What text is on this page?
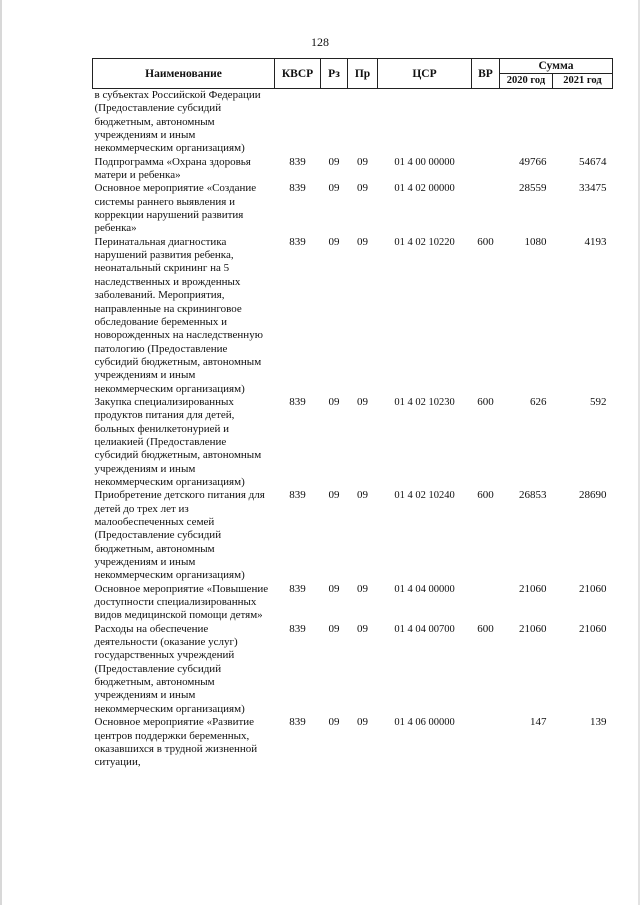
128
Наименование	КВСР	Рз	Пр	ЦСР	ВР	Сумма	
						2020 год	2021 год
в субъектах Российской Федерации (Предоставление субсидий бюджетным, автономным учреждениям и иным некоммерческим организациям)							
Подпрограмма «Охрана здоровья матери и ребенка»	839	09	09	01 4 00 00000		49766	54674
Основное мероприятие «Создание системы раннего выявления и коррекции нарушений развития ребенка»	839	09	09	01 4 02 00000		28559	33475
Перинатальная диагностика нарушений развития ребенка, неонатальный скрининг на 5 наследственных и врожденных заболеваний. Мероприятия, направленные на скрининговое обследование беременных и новорожденных на наследственную патологию (Предоставление субсидий бюджетным, автономным учреждениям и иным некоммерческим организациям)	839	09	09	01 4 02 10220	600	1080	4193
Закупка специализированных продуктов питания для детей, больных фенилкетонурией и целиакией (Предоставление субсидий бюджетным, автономным учреждениям и иным некоммерческим организациям)	839	09	09	01 4 02 10230	600	626	592
Приобретение детского питания для детей до трех лет из малообеспеченных семей (Предоставление субсидий бюджетным, автономным учреждениям и иным некоммерческим организациям)	839	09	09	01 4 02 10240	600	26853	28690
Основное мероприятие «Повышение доступности специализированных видов медицинской помощи детям»	839	09	09	01 4 04 00000		21060	21060
Расходы на обеспечение деятельности (оказание услуг) государственных учреждений (Предоставление субсидий бюджетным, автономным учреждениям и иным некоммерческим организациям)	839	09	09	01 4 04 00700	600	21060	21060
Основное мероприятие «Развитие центров поддержки беременных, оказавшихся в трудной жизненной ситуации,	839	09	09	01 4 06 00000		147	139
